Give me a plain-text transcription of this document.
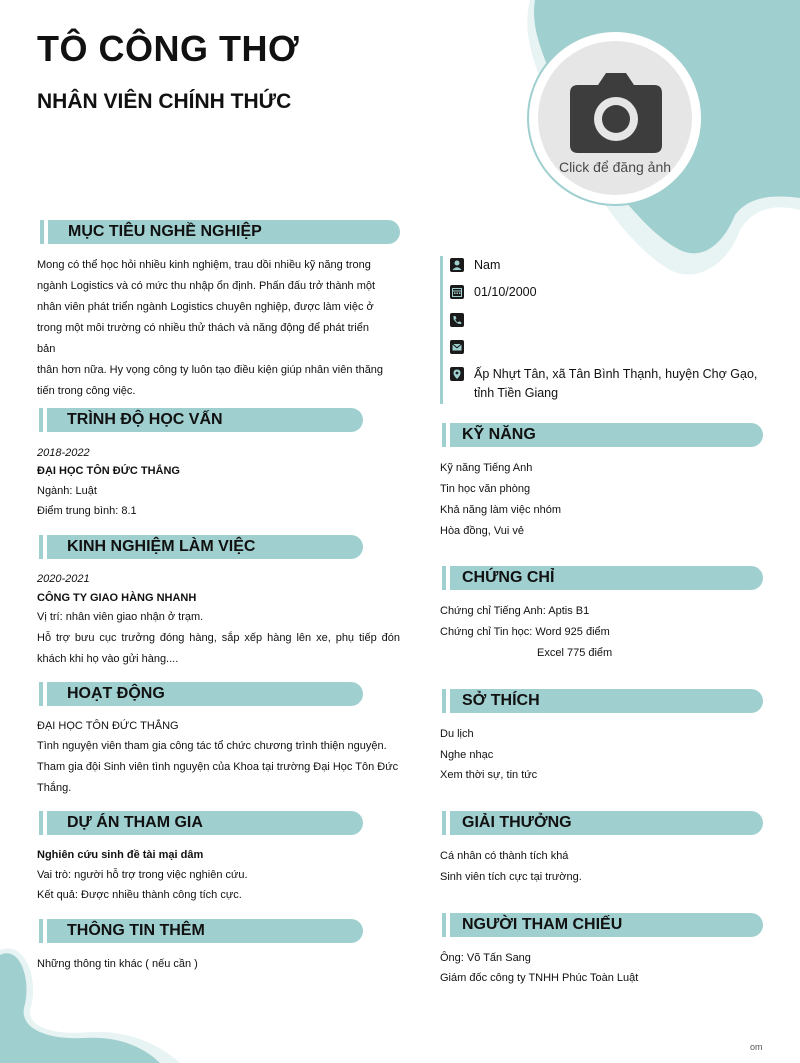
TÔ CÔNG THƠ
NHÂN VIÊN CHÍNH THỨC
Click để đăng ảnh
MỤC TIÊU NGHỀ NGHIỆP
Mong có thể học hỏi nhiều kinh nghiệm, trau dồi nhiều kỹ năng trong
ngành Logistics và có mức thu nhập ổn định. Phấn đấu trở thành một
nhân viên phát triển ngành Logistics chuyên nghiệp, được làm việc ở
trong một môi trường có nhiều thử thách và năng động để phát triển bản
thân hơn nữa. Hy vọng công ty luôn tạo điều kiện giúp nhân viên thăng
tiến trong công việc.
TRÌNH ĐỘ HỌC VẤN
2018-2022
ĐẠI HỌC TÔN ĐỨC THẮNG
Ngành: Luật
Điểm trung bình: 8.1
KINH NGHIỆM LÀM VIỆC
2020-2021
CÔNG TY GIAO HÀNG NHANH
Vị trí: nhân viên giao nhận ở trạm.
Hỗ trợ bưu cục trưởng đóng hàng, sắp xếp hàng lên xe, phụ tiếp đón
khách khi họ vào gửi hàng....
HOẠT ĐỘNG
ĐẠI HỌC TÔN ĐỨC THẮNG
Tình nguyện viên tham gia công tác tổ chức chương trình thiện nguyện.
Tham gia đội Sinh viên tình nguyện của Khoa tại trường Đại Học Tôn Đức
Thắng.
DỰ ÁN THAM GIA
Nghiên cứu sinh đề tài mại dâm
Vai trò: người hỗ trợ trong việc nghiên cứu.
Kết quả: Được nhiều thành công tích cực.
THÔNG TIN THÊM
Những thông tin khác ( nếu cần )
Nam
01/10/2000
Ấp Nhựt Tân, xã Tân Bình Thạnh, huyện Chợ Gạo,
tỉnh Tiền Giang
KỸ NĂNG
Kỹ năng Tiếng Anh
Tin học văn phòng
Khả năng làm việc nhóm
Hòa đồng, Vui vẻ
CHỨNG CHỈ
Chứng chỉ Tiếng Anh: Aptis B1
Chứng chỉ Tin học: Word 925 điểm
Excel 775 điểm
SỞ THÍCH
Du lịch
Nghe nhạc
Xem thời sự, tin tức
GIẢI THƯỞNG
Cá nhân có thành tích khá
Sinh viên tích cực tại trường.
NGƯỜI THAM CHIẾU
Ông: Võ Tấn Sang
Giám đốc công ty TNHH Phúc Toàn Luật
om
